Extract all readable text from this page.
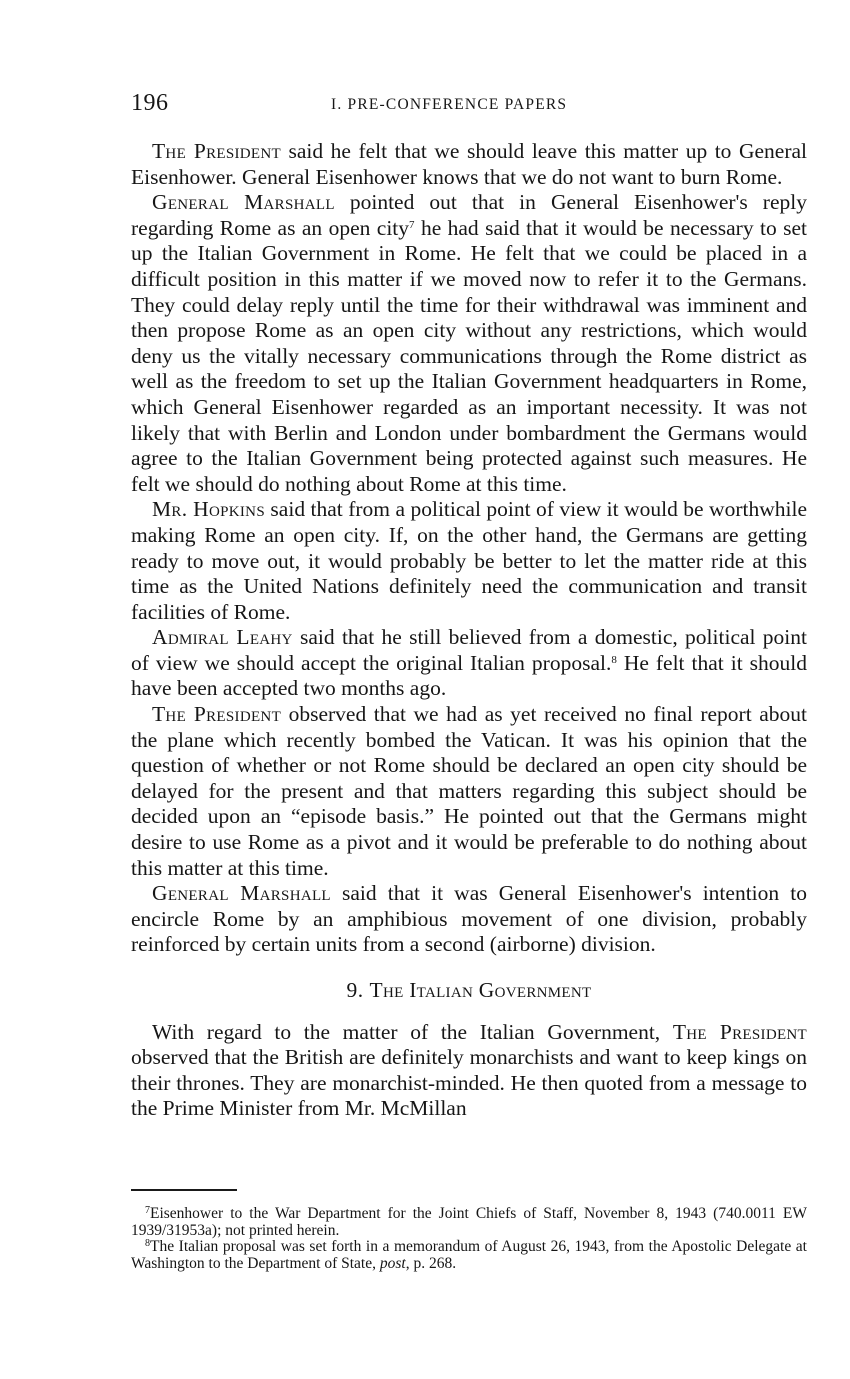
196	I. PRE-CONFERENCE PAPERS

The President said he felt that we should leave this matter up to General Eisenhower. General Eisenhower knows that we do not want to burn Rome.

General Marshall pointed out that in General Eisenhower's reply regarding Rome as an open city$^7$ he had said that it would be necessary to set up the Italian Government in Rome. He felt that we could be placed in a difficult position in this matter if we moved now to refer it to the Germans. They could delay reply until the time for their withdrawal was imminent and then propose Rome as an open city without any restrictions, which would deny us the vitally necessary communications through the Rome district as well as the freedom to set up the Italian Government headquarters in Rome, which General Eisenhower regarded as an important necessity. It was not likely that with Berlin and London under bombardment the Germans would agree to the Italian Government being protected against such measures. He felt we should do nothing about Rome at this time.

Mr. Hopkins said that from a political point of view it would be worthwhile making Rome an open city. If, on the other hand, the Germans are getting ready to move out, it would probably be better to let the matter ride at this time as the United Nations definitely need the communication and transit facilities of Rome.

Admiral Leahy said that he still believed from a domestic, political point of view we should accept the original Italian proposal.$^8$ He felt that it should have been accepted two months ago.

The President observed that we had as yet received no final report about the plane which recently bombed the Vatican. It was his opinion that the question of whether or not Rome should be declared an open city should be delayed for the present and that matters regarding this subject should be decided upon an “episode basis.” He pointed out that the Germans might desire to use Rome as a pivot and it would be preferable to do nothing about this matter at this time.

General Marshall said that it was General Eisenhower's intention to encircle Rome by an amphibious movement of one division, probably reinforced by certain units from a second (airborne) division.

9. The Italian Government

With regard to the matter of the Italian Government, The President observed that the British are definitely monarchists and want to keep kings on their thrones. They are monarchist-minded. He then quoted from a message to the Prime Minister from Mr. McMillan

$^7$Eisenhower to the War Department for the Joint Chiefs of Staff, November 8, 1943 (740.0011 EW 1939/31953a); not printed herein.

$^8$The Italian proposal was set forth in a memorandum of August 26, 1943, from the Apostolic Delegate at Washington to the Department of State, post, p. 268.
